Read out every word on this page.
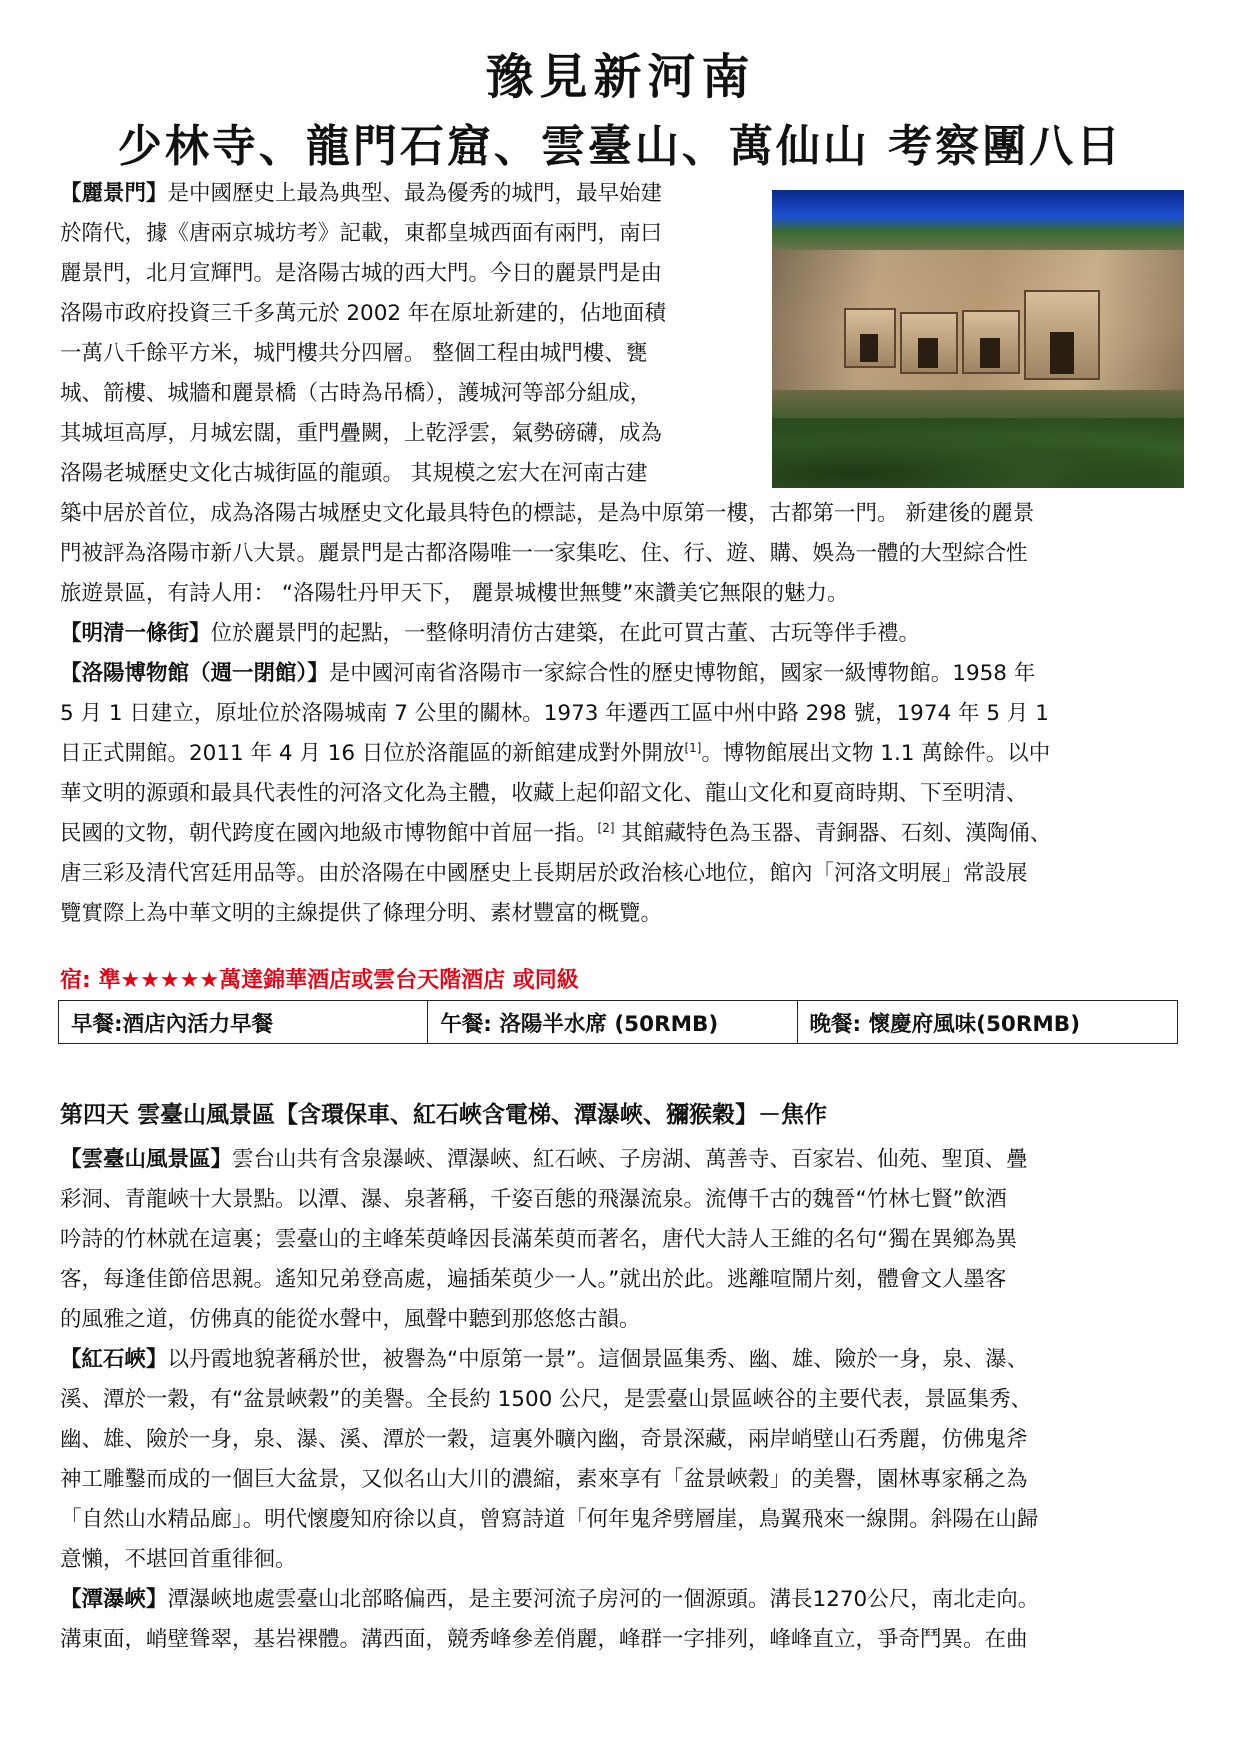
豫見新河南
少林寺、龍門石窟、雲臺山、萬仙山 考察團八日
【麗景門】是中國歷史上最為典型、最為優秀的城門，最早始建
於隋代，據《唐兩京城坊考》記載，東都皇城西面有兩門，南曰
麗景門，北月宣輝門。是洛陽古城的西大門。今日的麗景門是由
洛陽市政府投資三千多萬元於 2002 年在原址新建的，佔地面積
一萬八千餘平方米，城門樓共分四層。 整個工程由城門樓、甕
城、箭樓、城牆和麗景橋（古時為吊橋），護城河等部分組成，
其城垣高厚，月城宏闊，重門疊闕，上乾浮雲，氣勢磅礴，成為
洛陽老城歷史文化古城街區的龍頭。 其規模之宏大在河南古建
築中居於首位，成為洛陽古城歷史文化最具特色的標誌，是為中原第一樓，古都第一門。 新建後的麗景
門被評為洛陽市新八大景。麗景門是古都洛陽唯一一家集吃、住、行、遊、購、娛為一體的大型綜合性
旅遊景區，有詩人用： “洛陽牡丹甲天下， 麗景城樓世無雙”來讚美它無限的魅力。
【明清一條街】位於麗景門的起點，一整條明清仿古建築，在此可買古董、古玩等伴手禮。
【洛陽博物館（週一閉館）】是中國河南省洛陽市一家綜合性的歷史博物館，國家一級博物館。1958 年
5 月 1 日建立，原址位於洛陽城南 7 公里的關林。1973 年遷西工區中州中路 298 號，1974 年 5 月 1
日正式開館。2011 年 4 月 16 日位於洛龍區的新館建成對外開放[1]。博物館展出文物 1.1 萬餘件。以中
華文明的源頭和最具代表性的河洛文化為主體，收藏上起仰韶文化、龍山文化和夏商時期、下至明清、
民國的文物，朝代跨度在國內地級市博物館中首屈一指。[2] 其館藏特色為玉器、青銅器、石刻、漢陶俑、
唐三彩及清代宮廷用品等。由於洛陽在中國歷史上長期居於政治核心地位，館內「河洛文明展」常設展
覽實際上為中華文明的主線提供了條理分明、素材豐富的概覽。
宿: 準★★★★★萬達錦華酒店或雲台天階酒店 或同級
早餐:酒店內活力早餐	午餐: 洛陽半水席 (50RMB)	晚餐: 懷慶府風味(50RMB)
第四天 雲臺山風景區【含環保車、紅石峽含電梯、潭瀑峽、獼猴穀】－焦作
【雲臺山風景區】雲台山共有含泉瀑峽、潭瀑峽、紅石峽、子房湖、萬善寺、百家岩、仙苑、聖頂、疊
彩洞、青龍峽十大景點。以潭、瀑、泉著稱，千姿百態的飛瀑流泉。流傳千古的魏晉“竹林七賢”飲酒
吟詩的竹林就在這裏；雲臺山的主峰茱萸峰因長滿茱萸而著名，唐代大詩人王維的名句“獨在異鄉為異
客，每逢佳節倍思親。遙知兄弟登高處，遍插茱萸少一人。”就出於此。逃離喧鬧片刻，體會文人墨客
的風雅之道，仿佛真的能從水聲中，風聲中聽到那悠悠古韻。
【紅石峽】以丹霞地貌著稱於世，被譽為“中原第一景”。這個景區集秀、幽、雄、險於一身，泉、瀑、
溪、潭於一穀，有“盆景峽穀”的美譽。全長約 1500 公尺，是雲臺山景區峽谷的主要代表，景區集秀、
幽、雄、險於一身，泉、瀑、溪、潭於一穀，這裏外曠內幽，奇景深藏，兩岸峭壁山石秀麗，仿佛鬼斧
神工雕鑿而成的一個巨大盆景，又似名山大川的濃縮，素來享有「盆景峽穀」的美譽，園林專家稱之為
「自然山水精品廊」。明代懷慶知府徐以貞，曾寫詩道「何年鬼斧劈層崖，鳥翼飛來一線開。斜陽在山歸
意懶，不堪回首重徘徊。
【潭瀑峽】潭瀑峽地處雲臺山北部略偏西，是主要河流子房河的一個源頭。溝長1270公尺，南北走向。
溝東面，峭壁聳翠，基岩裸體。溝西面，競秀峰參差俏麗，峰群一字排列，峰峰直立，爭奇鬥異。在曲
